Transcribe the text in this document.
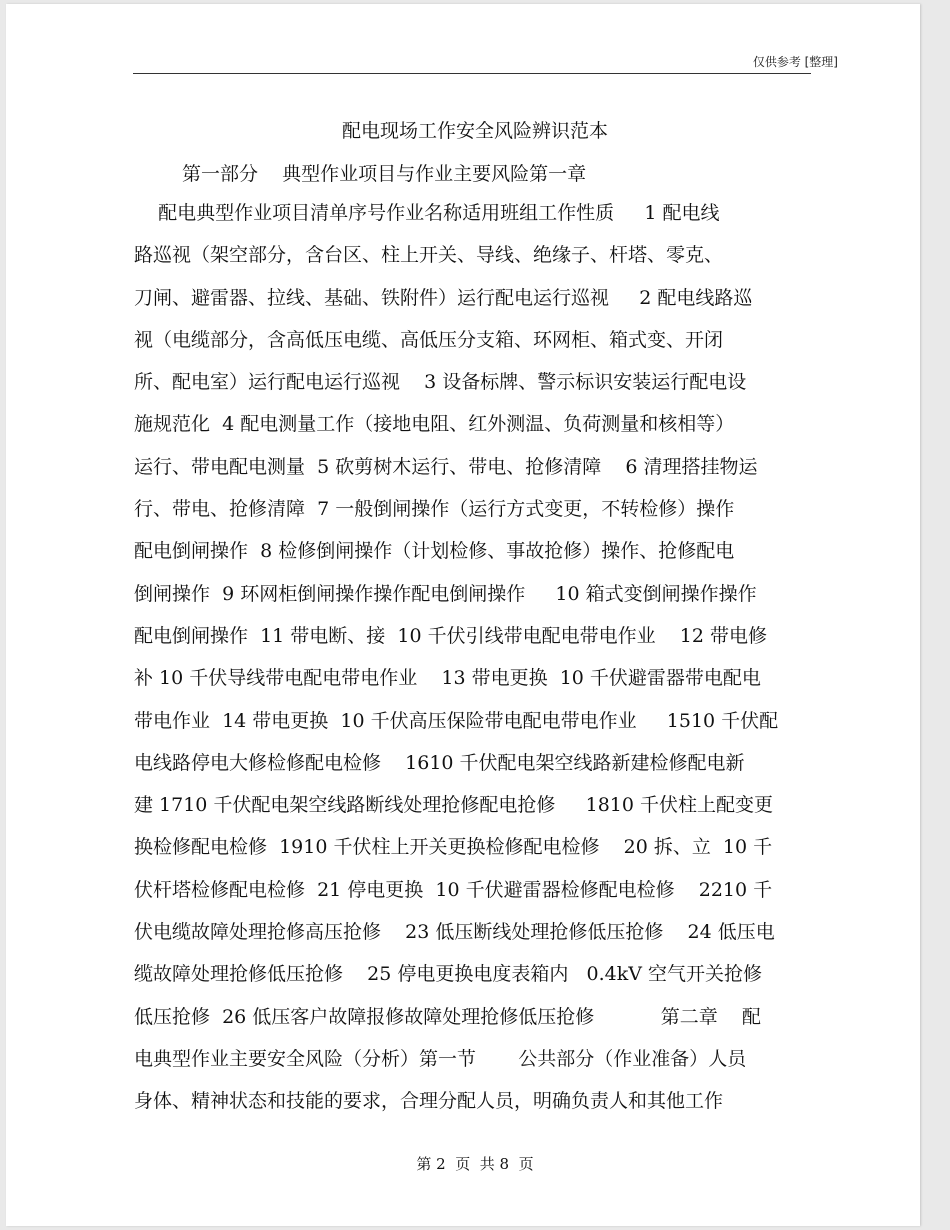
仅供参考 [整理]
配电现场工作安全风险辨识范本
第一部分    典型作业项目与作业主要风险第一章
配电典型作业项目清单序号作业名称适用班组工作性质     1 配电线
路巡视（架空部分，含台区、柱上开关、导线、绝缘子、杆塔、零克、
刀闸、避雷器、拉线、基础、铁附件）运行配电运行巡视     2 配电线路巡
视（电缆部分，含高低压电缆、高低压分支箱、环网柜、箱式变、开闭
所、配电室）运行配电运行巡视    3 设备标牌、警示标识安装运行配电设
施规范化  4 配电测量工作（接地电阻、红外测温、负荷测量和核相等）
运行、带电配电测量  5 砍剪树木运行、带电、抢修清障    6 清理搭挂物运
行、带电、抢修清障  7 一般倒闸操作（运行方式变更，不转检修）操作
配电倒闸操作  8 检修倒闸操作（计划检修、事故抢修）操作、抢修配电
倒闸操作  9 环网柜倒闸操作操作配电倒闸操作     10 箱式变倒闸操作操作
配电倒闸操作  11 带电断、接  10 千伏引线带电配电带电作业    12 带电修
补 10 千伏导线带电配电带电作业    13 带电更换  10 千伏避雷器带电配电
带电作业  14 带电更换  10 千伏高压保险带电配电带电作业     1510 千伏配
电线路停电大修检修配电检修    1610 千伏配电架空线路新建检修配电新
建 1710 千伏配电架空线路断线处理抢修配电抢修     1810 千伏柱上配变更
换检修配电检修  1910 千伏柱上开关更换检修配电检修    20 拆、立  10 千
伏杆塔检修配电检修  21 停电更换  10 千伏避雷器检修配电检修    2210 千
伏电缆故障处理抢修高压抢修    23 低压断线处理抢修低压抢修    24 低压电
缆故障处理抢修低压抢修    25 停电更换电度表箱内   0.4kV 空气开关抢修
低压抢修  26 低压客户故障报修故障处理抢修低压抢修           第二章    配
电典型作业主要安全风险（分析）第一节       公共部分（作业准备）人员
身体、精神状态和技能的要求，合理分配人员，明确负责人和其他工作
第 2  页  共 8  页
